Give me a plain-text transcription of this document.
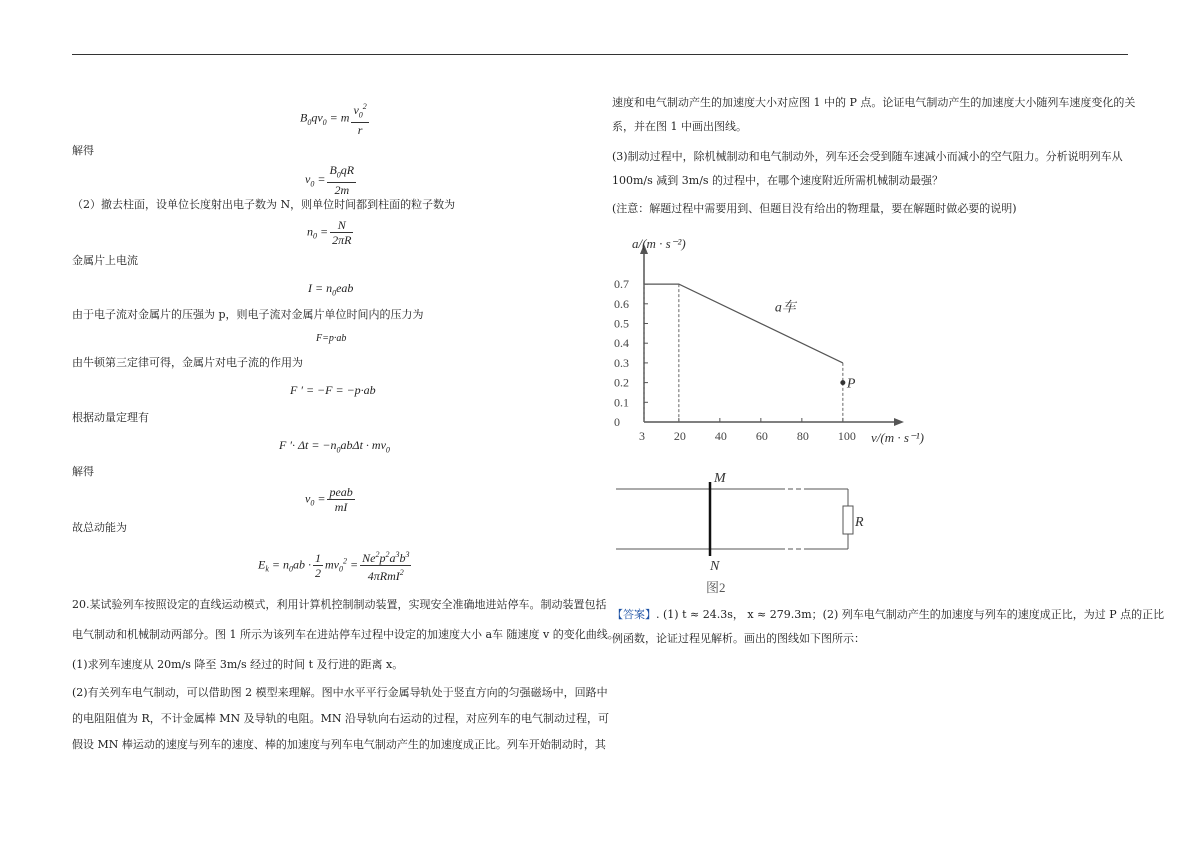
$B_0qv_0 = m \frac{v_0^2}{r}$
解得
$v_0 = \frac{B_0qR}{2m}$
（2）撤去柱面，设单位长度射出电子数为 N，则单位时间都到柱面的粒子数为
$n_0 = \frac{N}{2\pi R}$
金属片上电流
$I = n_0eab$
由于电子流对金属片的压强为 p，则电子流对金属片单位时间内的压力为
F=p·ab
由牛顿第三定律可得，金属片对电子流的作用为
F ′ = −F = −p·ab
根据动量定理有
F ′· $\Delta t = -n_0ab\Delta t \cdot mv_0$
解得
$v_0 = \frac{\text{peab}}{mI}$
故总动能为
$E_k = n_0ab \cdot \frac{1}{2} mv_0^2 = \frac{Ne^2p^2a^3b^3}{4\pi RmI^2}$
20.某试验列车按照设定的直线运动模式，利用计算机控制制动装置，实现安全准确地进站停车。制动装置包括
电气制动和机械制动两部分。图 1 所示为该列车在进站停车过程中设定的加速度大小 a车 随速度 v 的变化曲线。
(1)求列车速度从 20m/s 降至 3m/s 经过的时间 t 及行进的距离 x。
(2)有关列车电气制动，可以借助图 2 模型来理解。图中水平平行金属导轨处于竖直方向的匀强磁场中，回路中
的电阻阻值为 R，不计金属棒 MN 及导轨的电阻。MN 沿导轨向右运动的过程，对应列车的电气制动过程，可
假设 MN 棒运动的速度与列车的速度、棒的加速度与列车电气制动产生的加速度成正比。列车开始制动时，其
速度和电气制动产生的加速度大小对应图 1 中的 P 点。论证电气制动产生的加速度大小随列车速度变化的关
系，并在图 1 中画出图线。
(3)制动过程中，除机械制动和电气制动外，列车还会受到随车速减小而减小的空气阻力。分析说明列车从
100m/s 减到 3m/s 的过程中，在哪个速度附近所需机械制动最强？
(注意：解题过程中需要用到、但题目没有给出的物理量，要在解题时做必要的说明)
0
0.1
0.2
0.3
0.4
0.5
0.6
0.7
3 20 40 60 80 100
a/(m · s⁻²)
v/(m · s⁻¹)
a车
P
M
N
R
图2
【答案】. (1) t ≈ 24.3s， x ≈ 279.3m；(2) 列车电气制动产生的加速度与列车的速度成正比，为过 P 点的正比
例函数，论证过程见解析。画出的图线如下图所示：
